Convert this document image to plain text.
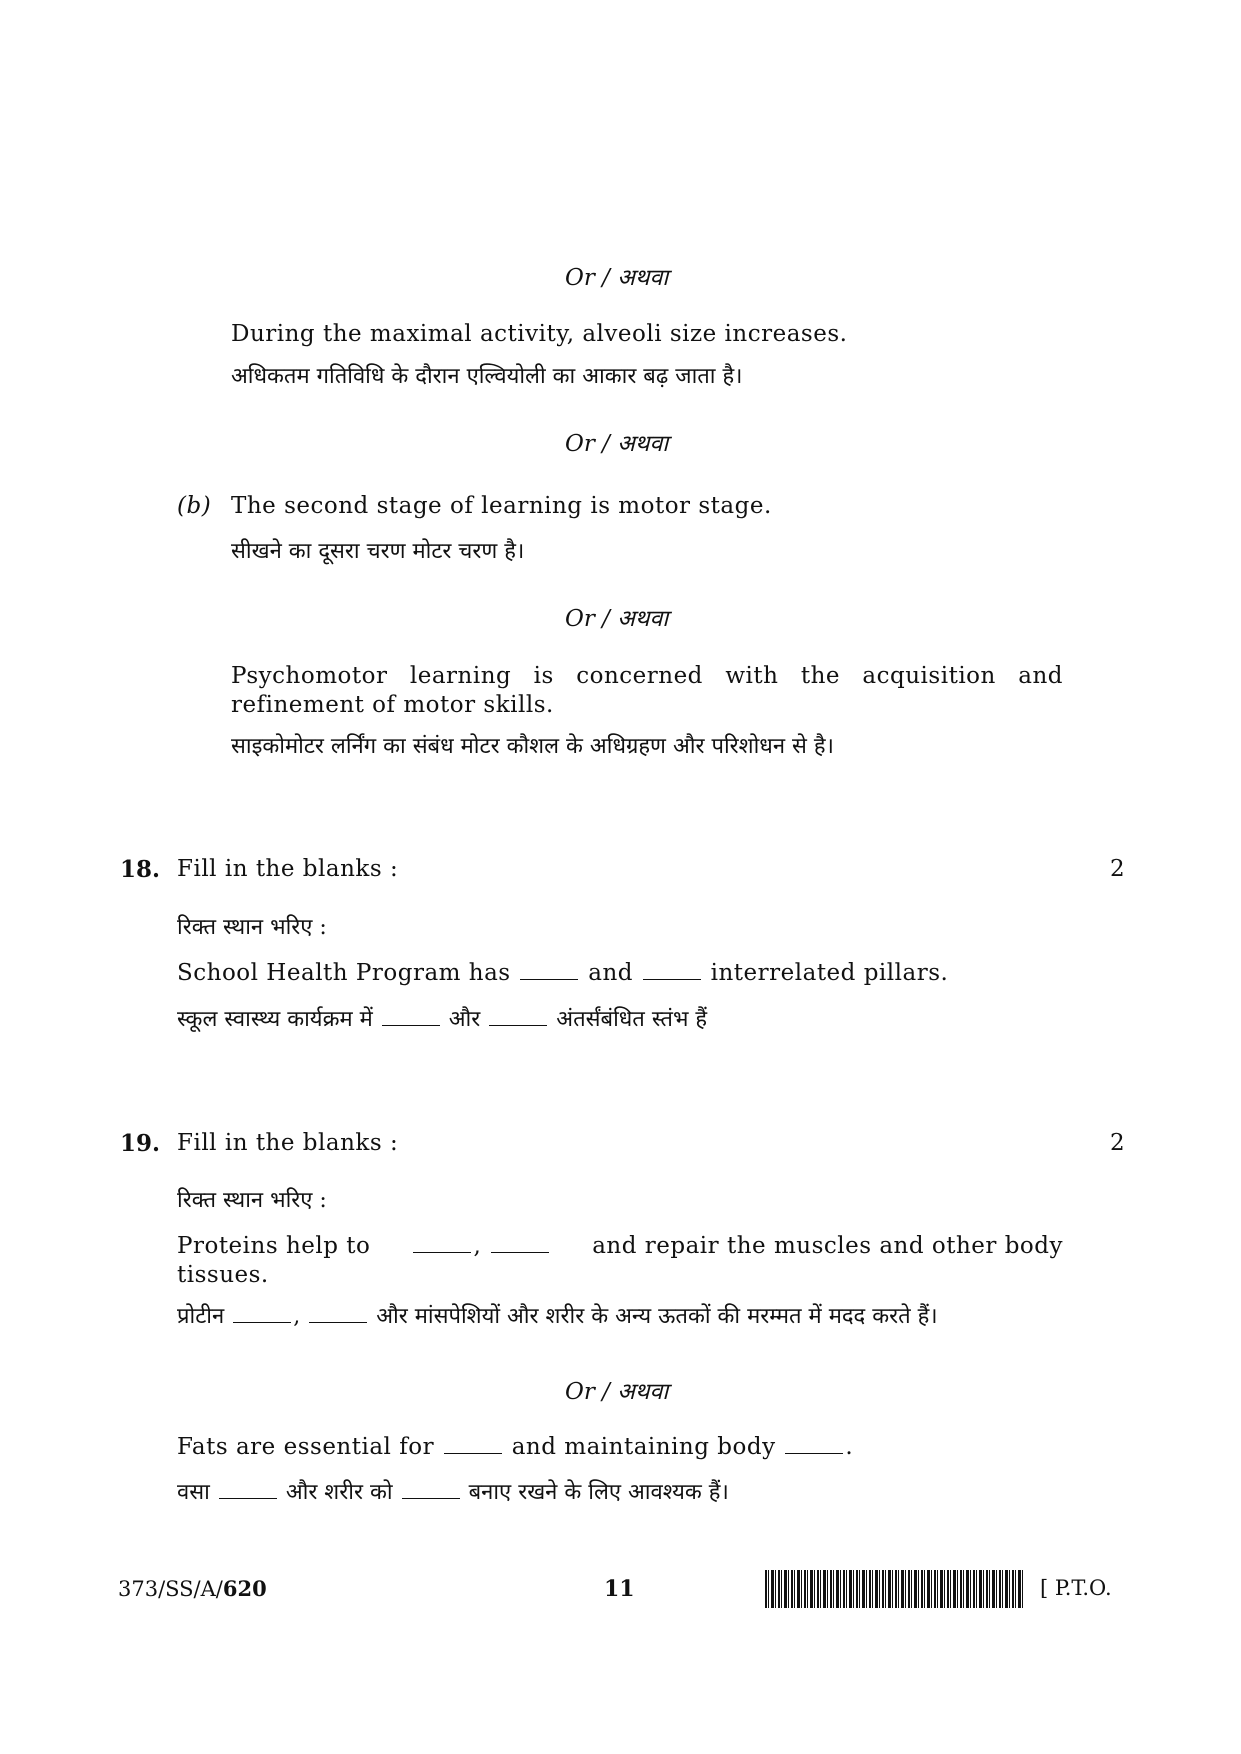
Or / अथवा
During the maximal activity, alveoli size increases.
अधिकतम गतिविधि के दौरान एल्वियोली का आकार बढ़ जाता है।
Or / अथवा
(b) The second stage of learning is motor stage.
सीखने का दूसरा चरण मोटर चरण है।
Or / अथवा
Psychomotor learning is concerned with the acquisition and
refinement of motor skills.
साइकोमोटर लर्निंग का संबंध मोटर कौशल के अधिग्रहण और परिशोधन से है।
18. Fill in the blanks :	2
रिक्त स्थान भरिए :
School Health Program has	and	interrelated pillars.
स्कूल स्वास्थ्य कार्यक्रम में	और	अंतर्संबंधित स्तंभ हैं
19. Fill in the blanks :	2
रिक्त स्थान भरिए :
Proteins help to	,	and repair the muscles and other body
tissues.
प्रोटीन	,	और मांसपेशियों और शरीर के अन्य ऊतकों की मरम्मत में मदद करते हैं।
Or / अथवा
Fats are essential for	and maintaining body	.
वसा	और शरीर को	बनाए रखने के लिए आवश्यक हैं।
373/SS/A/620	11	[ P.T.O.
